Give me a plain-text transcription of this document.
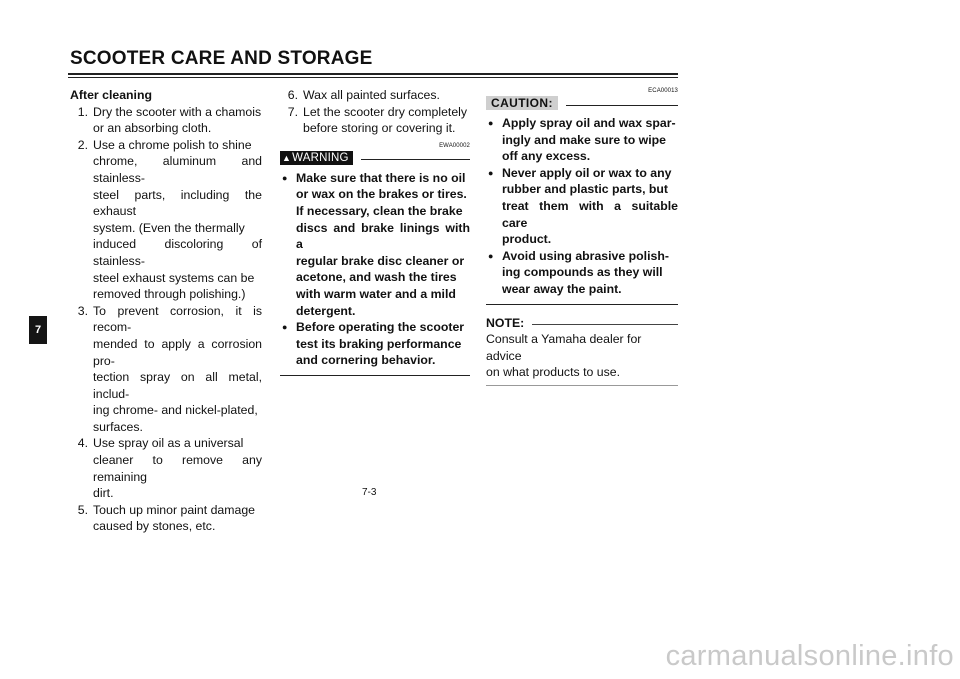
SCOOTER CARE AND STORAGE
7
After cleaning
1. Dry the scooter with a chamois
or an absorbing cloth.
2. Use a chrome polish to shine
chrome, aluminum and stainless-
steel parts, including the exhaust
system. (Even the thermally
induced discoloring of stainless-
steel exhaust systems can be
removed through polishing.)
3. To prevent corrosion, it is recom-
mended to apply a corrosion pro-
tection spray on all metal, includ-
ing chrome- and nickel-plated,
surfaces.
4. Use spray oil as a universal
cleaner to remove any remaining
dirt.
5. Touch up minor paint damage
caused by stones, etc.
6. Wax all painted surfaces.
7. Let the scooter dry completely
before storing or covering it.
EWA00002
▲ WARNING
● Make sure that there is no oil
or wax on the brakes or tires.
If necessary, clean the brake
discs and brake linings with a
regular brake disc cleaner or
acetone, and wash the tires
with warm water and a mild
detergent.
● Before operating the scooter
test its braking performance
and cornering behavior.
ECA00013
CAUTION:
● Apply spray oil and wax spar-
ingly and make sure to wipe
off any excess.
● Never apply oil or wax to any
rubber and plastic parts, but
treat them with a suitable care
product.
● Avoid using abrasive polish-
ing compounds as they will
wear away the paint.
NOTE:
Consult a Yamaha dealer for advice
on what products to use.
7-3
carmanualsonline.info
